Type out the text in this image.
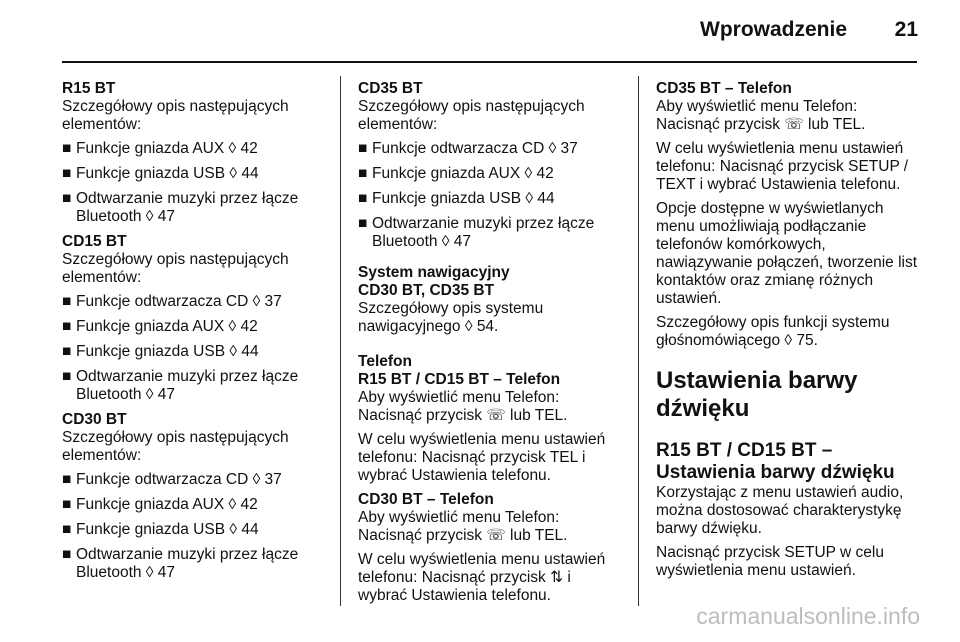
Wprowadzenie 21

R15 BT

Szczegółowy opis następujących elementów:

■ Funkcje gniazda AUX ◊ 42
■ Funkcje gniazda USB ◊ 44
■ Odtwarzanie muzyki przez łącze Bluetooth ◊ 47

CD15 BT

Szczegółowy opis następujących elementów:

■ Funkcje odtwarzacza CD ◊ 37
■ Funkcje gniazda AUX ◊ 42
■ Funkcje gniazda USB ◊ 44
■ Odtwarzanie muzyki przez łącze Bluetooth ◊ 47

CD30 BT

Szczegółowy opis następujących elementów:

■ Funkcje odtwarzacza CD ◊ 37
■ Funkcje gniazda AUX ◊ 42
■ Funkcje gniazda USB ◊ 44
■ Odtwarzanie muzyki przez łącze Bluetooth ◊ 47

CD35 BT

Szczegółowy opis następujących elementów:

■ Funkcje odtwarzacza CD ◊ 37
■ Funkcje gniazda AUX ◊ 42
■ Funkcje gniazda USB ◊ 44
■ Odtwarzanie muzyki przez łącze Bluetooth ◊ 47

System nawigacyjny

CD30 BT, CD35 BT

Szczegółowy opis systemu nawigacyjnego ◊ 54.

Telefon

R15 BT / CD15 BT – Telefon

Aby wyświetlić menu Telefon: Nacisnąć przycisk ☏ lub TEL.

W celu wyświetlenia menu ustawień telefonu: Nacisnąć przycisk TEL i wybrać Ustawienia telefonu.

CD30 BT – Telefon

Aby wyświetlić menu Telefon: Nacisnąć przycisk ☏ lub TEL.

W celu wyświetlenia menu ustawień telefonu: Nacisnąć przycisk ⇅ i wybrać Ustawienia telefonu.

CD35 BT – Telefon

Aby wyświetlić menu Telefon: Nacisnąć przycisk ☏ lub TEL.

W celu wyświetlenia menu ustawień telefonu: Nacisnąć przycisk SETUP / TEXT i wybrać Ustawienia telefonu.

Opcje dostępne w wyświetlanych menu umożliwiają podłączanie telefonów komórkowych, nawiązywanie połączeń, tworzenie list kontaktów oraz zmianę różnych ustawień.

Szczegółowy opis funkcji systemu głośnomówiącego ◊ 75.

Ustawienia barwy dźwięku

R15 BT / CD15 BT – Ustawienia barwy dźwięku

Korzystając z menu ustawień audio, można dostosować charakterystykę barwy dźwięku.

Nacisnąć przycisk SETUP w celu wyświetlenia menu ustawień.

carmanualsonline.info
